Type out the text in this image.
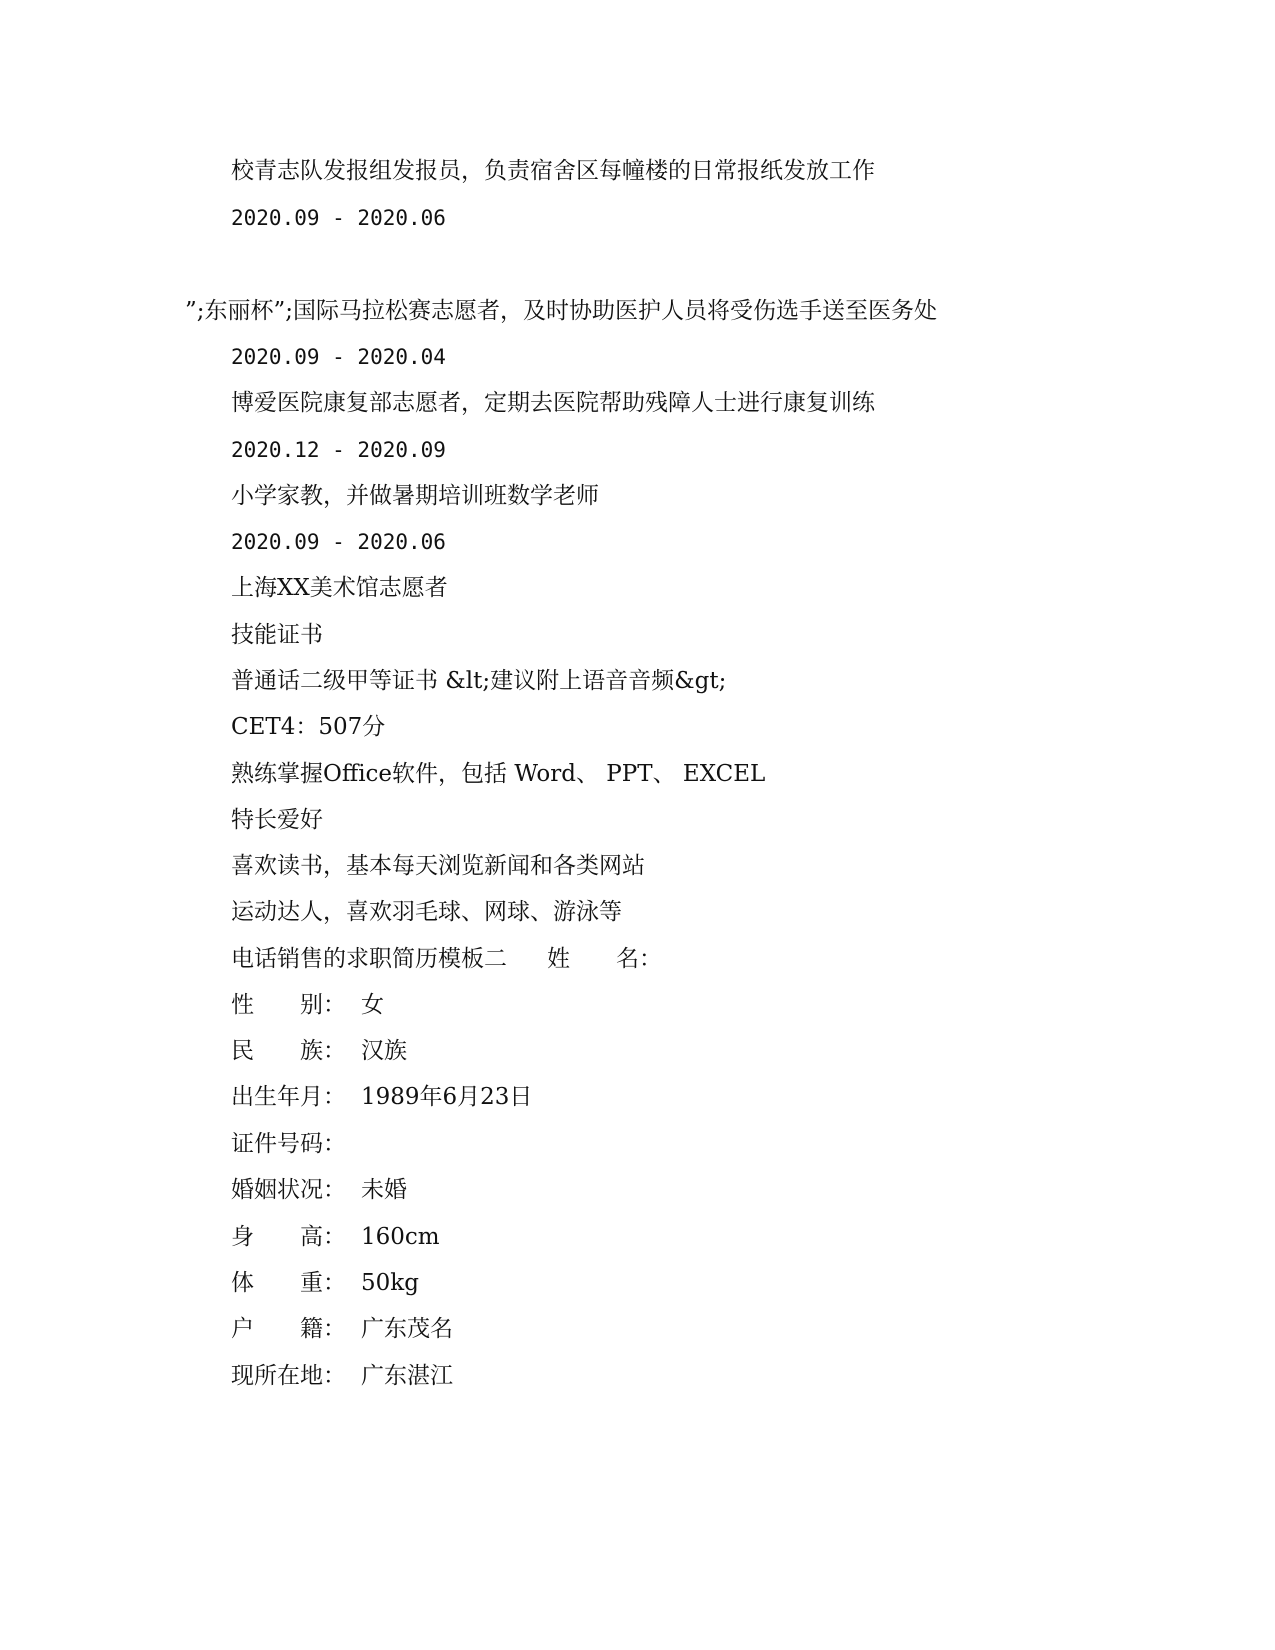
校青志队发报组发报员，负责宿舍区每幢楼的日常报纸发放工作
2020.09 - 2020.06
”;东丽杯”;国际马拉松赛志愿者，及时协助医护人员将受伤选手送至医务处
2020.09 - 2020.04
博爱医院康复部志愿者，定期去医院帮助残障人士进行康复训练
2020.12 - 2020.09
小学家教，并做暑期培训班数学老师
2020.09 - 2020.06
上海XX美术馆志愿者
技能证书
普通话二级甲等证书 &lt;建议附上语音音频&gt;
CET4：507分
熟练掌握Office软件，包括 Word、 PPT、 EXCEL
特长爱好
喜欢读书，基本每天浏览新闻和各类网站
运动达人，喜欢羽毛球、网球、游泳等
电话销售的求职简历模板二 姓　　名：
性　　别： 女
民　　族： 汉族
出生年月： 1989年6月23日
证件号码：
婚姻状况： 未婚
身　　高： 160cm
体　　重： 50kg
户　　籍： 广东茂名
现所在地： 广东湛江
